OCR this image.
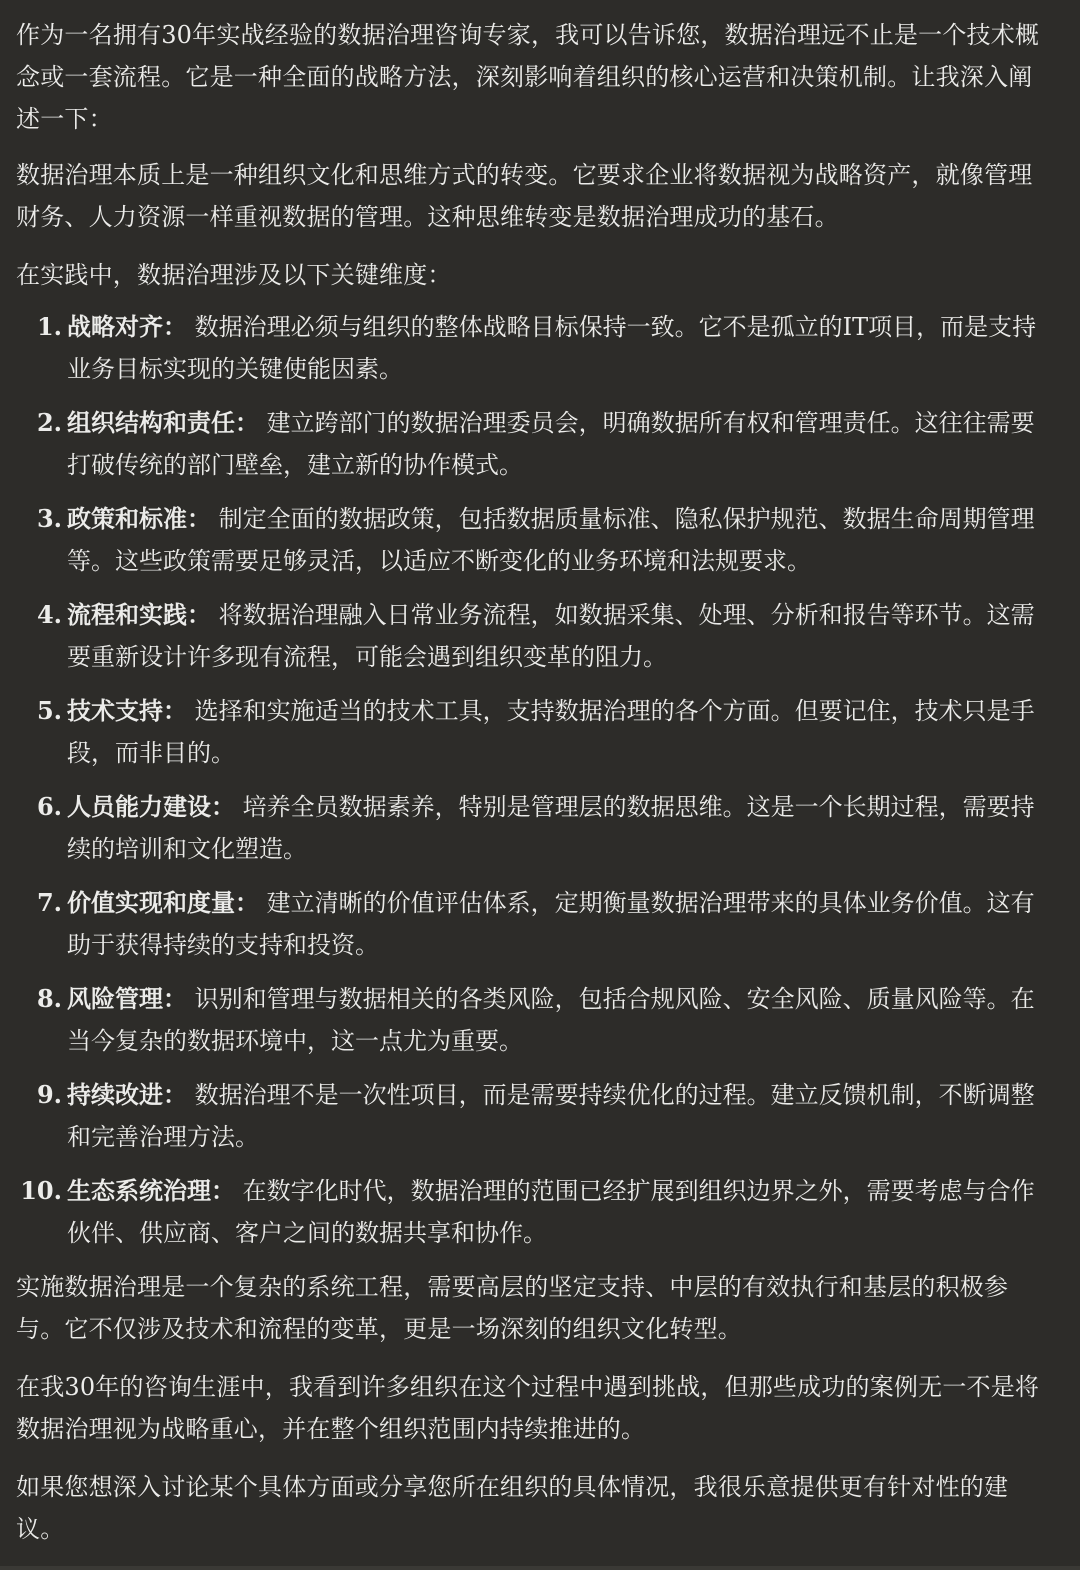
作为一名拥有30年实战经验的数据治理咨询专家，我可以告诉您，数据治理远不止是一个技术概念或一套流程。它是一种全面的战略方法，深刻影响着组织的核心运营和决策机制。让我深入阐述一下：

数据治理本质上是一种组织文化和思维方式的转变。它要求企业将数据视为战略资产，就像管理财务、人力资源一样重视数据的管理。这种思维转变是数据治理成功的基石。

在实践中，数据治理涉及以下关键维度：

1. 战略对齐： 数据治理必须与组织的整体战略目标保持一致。它不是孤立的IT项目，而是支持业务目标实现的关键使能因素。
2. 组织结构和责任： 建立跨部门的数据治理委员会，明确数据所有权和管理责任。这往往需要打破传统的部门壁垒，建立新的协作模式。
3. 政策和标准： 制定全面的数据政策，包括数据质量标准、隐私保护规范、数据生命周期管理等。这些政策需要足够灵活，以适应不断变化的业务环境和法规要求。
4. 流程和实践： 将数据治理融入日常业务流程，如数据采集、处理、分析和报告等环节。这需要重新设计许多现有流程，可能会遇到组织变革的阻力。
5. 技术支持： 选择和实施适当的技术工具，支持数据治理的各个方面。但要记住，技术只是手段，而非目的。
6. 人员能力建设： 培养全员数据素养，特别是管理层的数据思维。这是一个长期过程，需要持续的培训和文化塑造。
7. 价值实现和度量： 建立清晰的价值评估体系，定期衡量数据治理带来的具体业务价值。这有助于获得持续的支持和投资。
8. 风险管理： 识别和管理与数据相关的各类风险，包括合规风险、安全风险、质量风险等。在当今复杂的数据环境中，这一点尤为重要。
9. 持续改进： 数据治理不是一次性项目，而是需要持续优化的过程。建立反馈机制，不断调整和完善治理方法。
10. 生态系统治理： 在数字化时代，数据治理的范围已经扩展到组织边界之外，需要考虑与合作伙伴、供应商、客户之间的数据共享和协作。

实施数据治理是一个复杂的系统工程，需要高层的坚定支持、中层的有效执行和基层的积极参与。它不仅涉及技术和流程的变革，更是一场深刻的组织文化转型。

在我30年的咨询生涯中，我看到许多组织在这个过程中遇到挑战，但那些成功的案例无一不是将数据治理视为战略重心，并在整个组织范围内持续推进的。

如果您想深入讨论某个具体方面或分享您所在组织的具体情况，我很乐意提供更有针对性的建议。
